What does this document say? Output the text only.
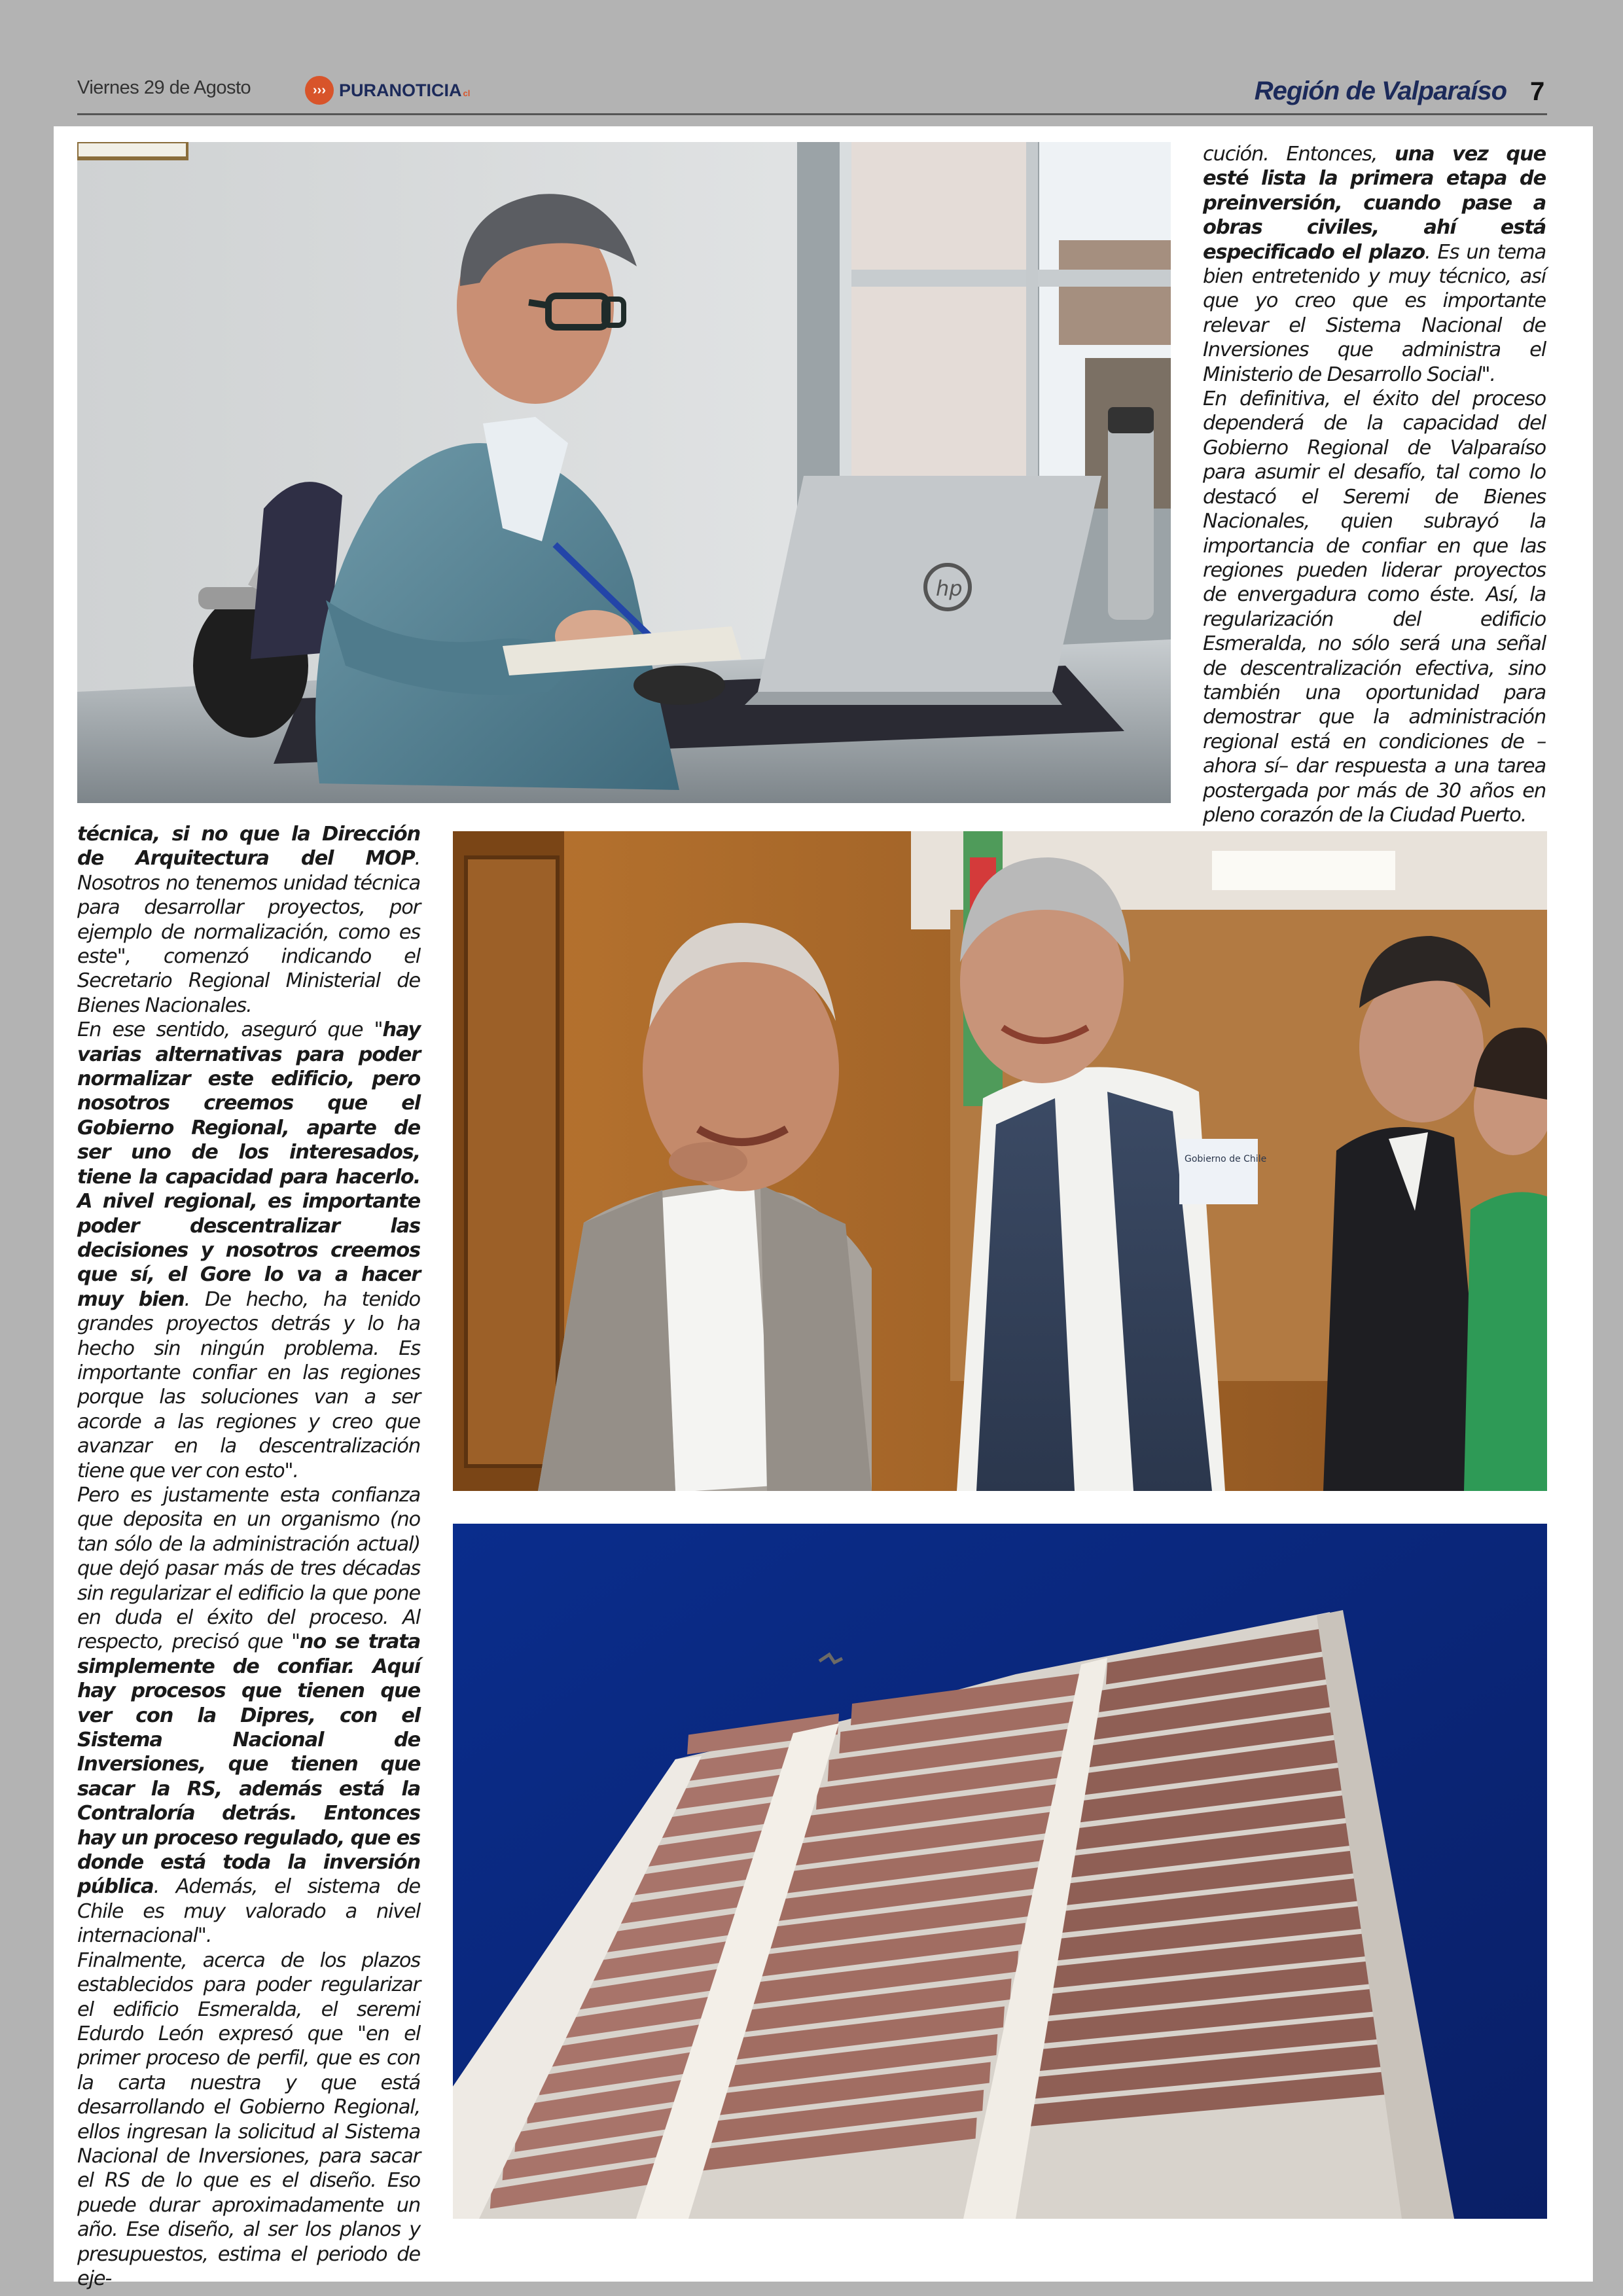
Viernes 29 de Agosto	››› PURANOTICIA cl	Región de Valparaíso 7
hp

cución. Entonces, una vez que esté lista la primera etapa de preinversión, cuando pase a obras civiles, ahí está especificado el plazo. Es un tema bien entretenido y muy técnico, así que yo creo que es importante relevar el Sistema Nacional de Inversiones que administra el Ministerio de Desarrollo Social".

En definitiva, el éxito del proceso dependerá de la capacidad del Gobierno Regional de Valparaíso para asumir el desafío, tal como lo destacó el Seremi de Bienes Nacionales, quien subrayó la importancia de confiar en que las regiones pueden liderar proyectos de envergadura como éste. Así, la regularización del edificio Esmeralda, no sólo será una señal de descentralización efectiva, sino también una oportunidad para demostrar que la administración regional está en condiciones de –ahora sí– dar respuesta a una tarea postergada por más de 30 años en pleno corazón de la Ciudad Puerto.

técnica, si no que la Dirección de Arquitectura del MOP. Nosotros no tenemos unidad técnica para desarrollar proyectos, por ejemplo de normalización, como es este", comenzó indicando el Secretario Regional Ministerial de Bienes Nacionales.

En ese sentido, aseguró que "hay varias alternativas para poder normalizar este edificio, pero nosotros creemos que el Gobierno Regional, aparte de ser uno de los interesados, tiene la capacidad para hacerlo. A nivel regional, es importante poder descentralizar las decisiones y nosotros creemos que sí, el Gore lo va a hacer muy bien. De hecho, ha tenido grandes proyectos detrás y lo ha hecho sin ningún problema. Es importante confiar en las regiones porque las soluciones van a ser acorde a las regiones y creo que avanzar en la descentralización tiene que ver con esto".

Pero es justamente esta confianza que deposita en un organismo (no tan sólo de la administración actual) que dejó pasar más de tres décadas sin regularizar el edificio la que pone en duda el éxito del proceso. Al respecto, precisó que "no se trata simplemente de confiar. Aquí hay procesos que tienen que ver con la Dipres, con el Sistema Nacional de Inversiones, que tienen que sacar la RS, además está la Contraloría detrás. Entonces hay un proceso regulado, que es donde está toda la inversión pública. Además, el sistema de Chile es muy valorado a nivel internacional".

Finalmente, acerca de los plazos establecidos para poder regularizar el edificio Esmeralda, el seremi Edurdo León expresó que "en el primer proceso de perfil, que es con la carta nuestra y que está desarrollando el Gobierno Regional, ellos ingresan la solicitud al Sistema Nacional de Inversiones, para sacar el RS de lo que es el diseño. Eso puede durar aproximadamente un año. Ese diseño, al ser los planos y presupuestos, estima el periodo de eje-

Gobierno de Chile
